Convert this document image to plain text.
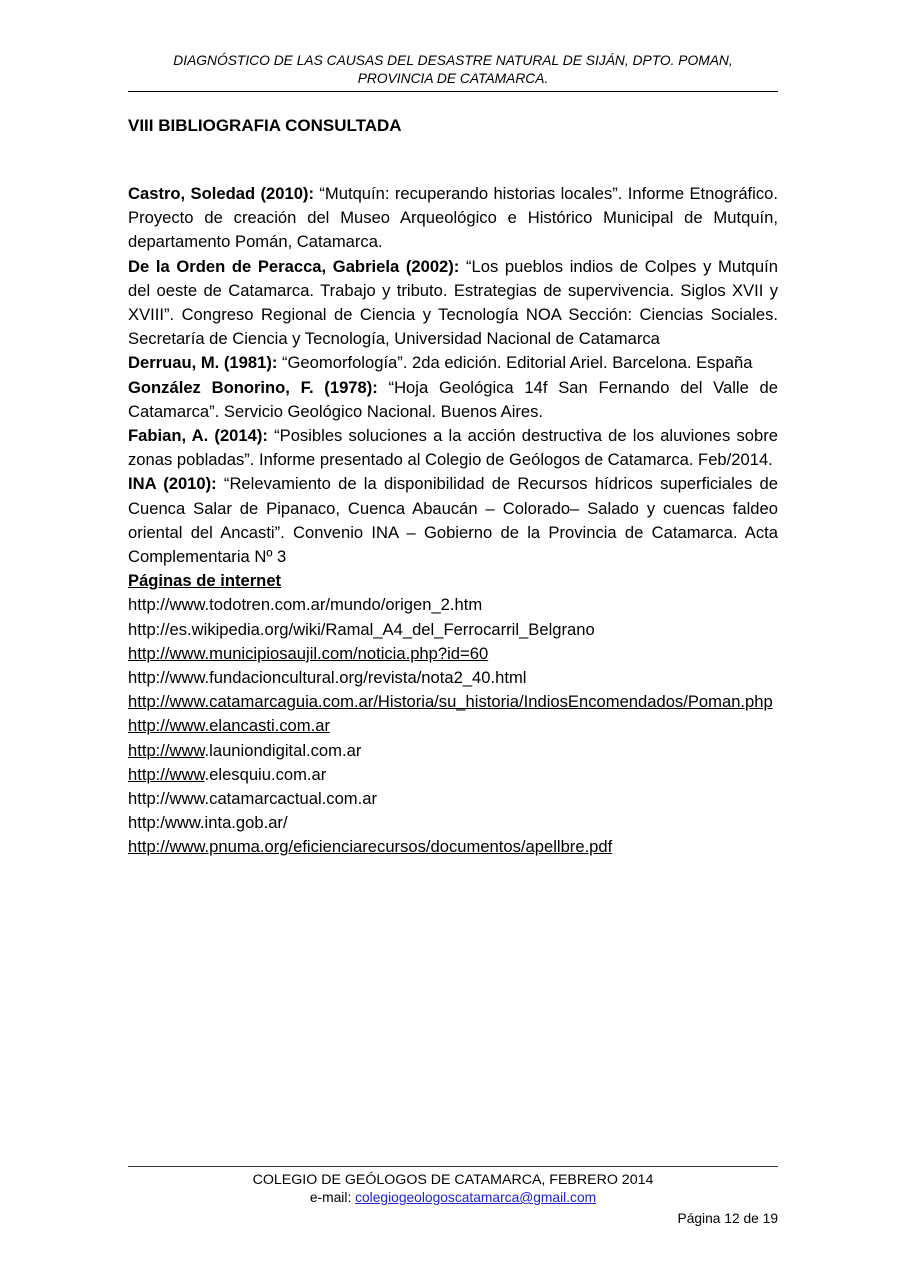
DIAGNÓSTICO DE LAS CAUSAS DEL DESASTRE NATURAL DE SIJÁN, DPTO. POMAN,
PROVINCIA DE CATAMARCA.
VIII BIBLIOGRAFIA CONSULTADA

Castro, Soledad (2010): “Mutquín: recuperando historias locales”. Informe Etnográfico. Proyecto de creación del Museo Arqueológico e Histórico Municipal de Mutquín, departamento Pomán, Catamarca.

De la Orden de Peracca, Gabriela (2002): “Los pueblos indios de Colpes y Mutquín del oeste de Catamarca. Trabajo y tributo. Estrategias de supervivencia. Siglos XVII y XVIII”. Congreso Regional de Ciencia y Tecnología NOA Sección: Ciencias Sociales. Secretaría de Ciencia y Tecnología, Universidad Nacional de Catamarca

Derruau, M. (1981): “Geomorfología”. 2da edición. Editorial Ariel. Barcelona. España

González Bonorino, F. (1978): “Hoja Geológica 14f San Fernando del Valle de Catamarca”. Servicio Geológico Nacional. Buenos Aires.

Fabian, A. (2014): “Posibles soluciones a la acción destructiva de los aluviones sobre zonas pobladas”. Informe presentado al Colegio de Geólogos de Catamarca. Feb/2014.

INA (2010): “Relevamiento de la disponibilidad de Recursos hídricos superficiales de Cuenca Salar de Pipanaco, Cuenca Abaucán – Colorado– Salado y cuencas faldeo oriental del Ancasti”. Convenio INA – Gobierno de la Provincia de Catamarca. Acta Complementaria Nº 3

Páginas de internet
http://www.todotren.com.ar/mundo/origen_2.htm
http://es.wikipedia.org/wiki/Ramal_A4_del_Ferrocarril_Belgrano
http://www.municipiosaujil.com/noticia.php?id=60
http://www.fundacioncultural.org/revista/nota2_40.html
http://www.catamarcaguia.com.ar/Historia/su_historia/IndiosEncomendados/Poman.php
http://www.elancasti.com.ar
http://www.launiondigital.com.ar
http://www.elesquiu.com.ar
http://www.catamarcactual.com.ar
http:/www.inta.gob.ar/
http://www.pnuma.org/eficienciarecursos/documentos/apellbre.pdf
COLEGIO DE GEÓLOGOS DE CATAMARCA, FEBRERO 2014
e-mail: colegiogeologoscatamarca@gmail.com
Página 12 de 19
